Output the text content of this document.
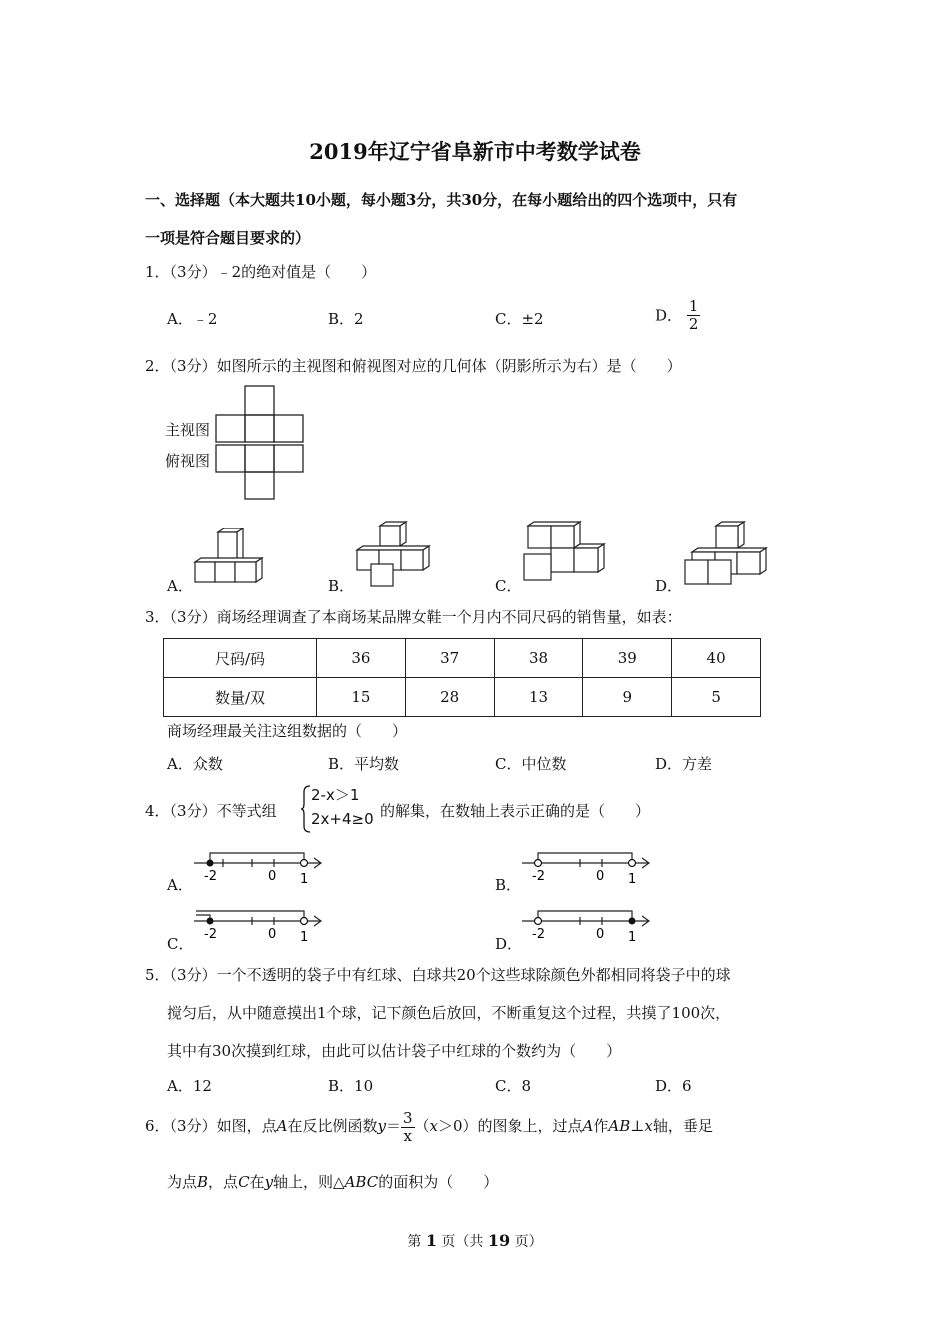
2019年辽宁省阜新市中考数学试卷
一、选择题（本大题共10小题，每小题3分，共30分，在每小题给出的四个选项中，只有
一项是符合题目要求的）
1．（3分）﹣2的绝对值是（　　）
A．﹣2	B．2	C．±2	D． $\frac{1}{2}$
2．（3分）如图所示的主视图和俯视图对应的几何体（阴影所示为右）是（　　）
主视图
俯视图
A．	B．	C．	D．
3．（3分）商场经理调查了本商场某品牌女鞋一个月内不同尺码的销售量，如表：
尺码/码	36	37	38	39	40
数量/双	15	28	13	9	5
商场经理最关注这组数据的（　　）
A．众数	B．平均数	C．中位数	D．方差
4．（3分）不等式组
2-x＞1
2x+4≥0 的解集，在数轴上表示正确的是（　　）
A． -2	0 1	B． -2	0 1
C．
-2	0 1	D．
-2	0 1
5．（3分）一个不透明的袋子中有红球、白球共20个这些球除颜色外都相同将袋子中的球
搅匀后，从中随意摸出1个球，记下颜色后放回，不断重复这个过程，共摸了100次，
其中有30次摸到红球，由此可以估计袋子中红球的个数约为（　　）
A．12	B．10	C．8	D．6
6．（3分）如图，点A在反比例函数$y= \frac{3}{x} (x>0)$的图象上，过点A作AB⊥x轴，垂足
为点B，点C在y轴上，则△ABC的面积为（　　）
第 1 页（共 19 页）
